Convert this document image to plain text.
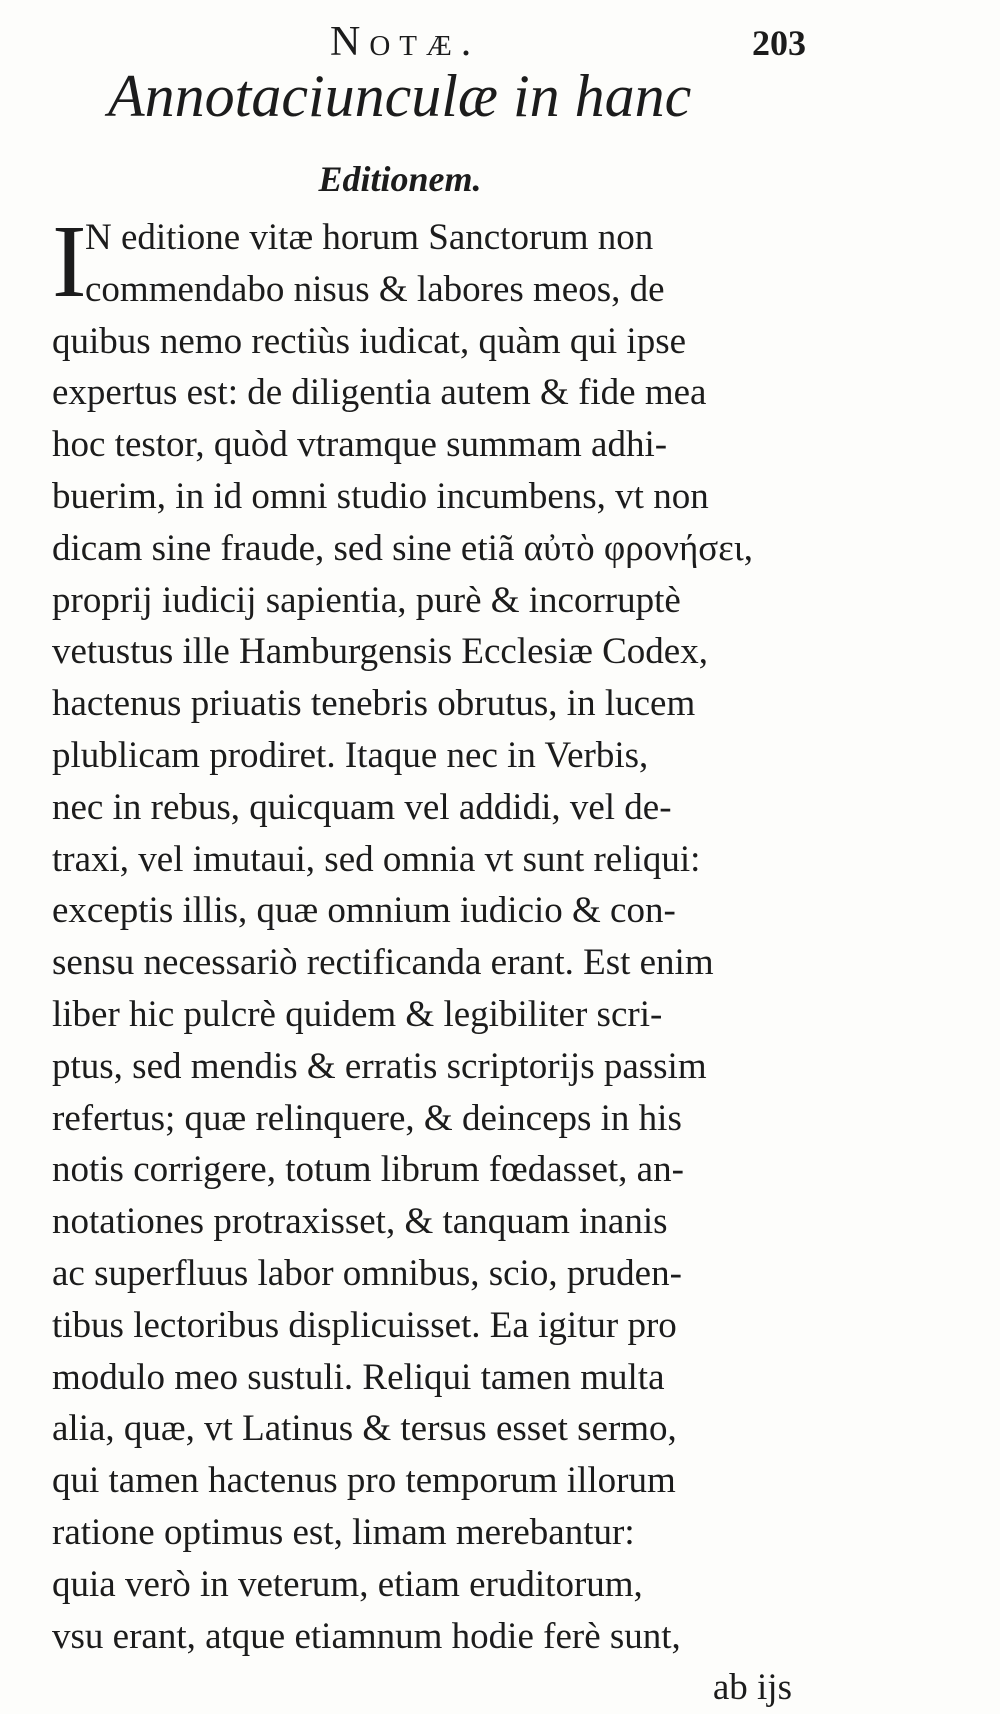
Notæ.	203
Annotaciunculæ in hanc
Editionem.
I
N editione vitæ horum Sanctorum non
commendabo nisus & labores meos, de
quibus nemo rectiùs iudicat, quàm qui ipse
expertus est: de diligentia autem & fide mea
hoc testor, quòd vtramque summam adhi-
buerim, in id omni studio incumbens, vt non
dicam sine fraude, sed sine etiã αὐτὸ φρονήσει,
proprij iudicij sapientia, purè & incorruptè
vetustus ille Hamburgensis Ecclesiæ Codex,
hactenus priuatis tenebris obrutus, in lucem
plublicam prodiret. Itaque nec in Verbis,
nec in rebus, quicquam vel addidi, vel de-
traxi, vel imutaui, sed omnia vt sunt reliqui:
exceptis illis, quæ omnium iudicio & con-
sensu necessariò rectificanda erant. Est enim
liber hic pulcrè quidem & legibiliter scri-
ptus, sed mendis & erratis scriptorijs passim
refertus; quæ relinquere, & deinceps in his
notis corrigere, totum librum fœdasset, an-
notationes protraxisset, & tanquam inanis
ac superfluus labor omnibus, scio, pruden-
tibus lectoribus displicuisset. Ea igitur pro
modulo meo sustuli. Reliqui tamen multa
alia, quæ, vt Latinus & tersus esset sermo,
qui tamen hactenus pro temporum illorum
ratione optimus est, limam merebantur:
quia verò in veterum, etiam eruditorum,
vsu erant, atque etiamnum hodie ferè sunt,
ab ijs
